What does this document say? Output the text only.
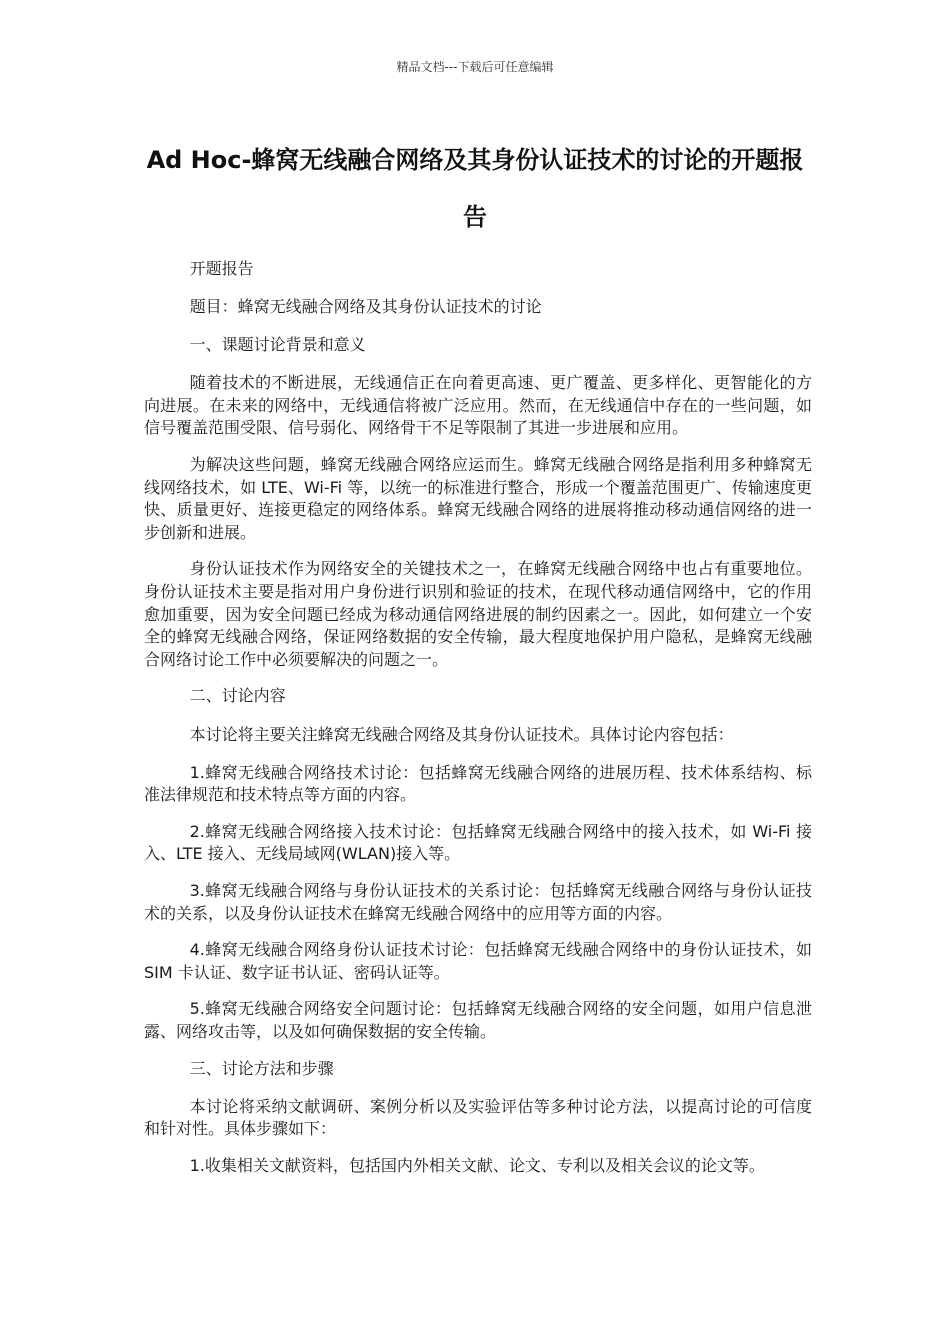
精品文档---下载后可任意编辑
Ad Hoc-蜂窝无线融合网络及其身份认证技术的讨论的开题报告

开题报告

题目：蜂窝无线融合网络及其身份认证技术的讨论

一、课题讨论背景和意义

随着技术的不断进展，无线通信正在向着更高速、更广覆盖、更多样化、更智能化的方向进展。在未来的网络中，无线通信将被广泛应用。然而，在无线通信中存在的一些问题，如信号覆盖范围受限、信号弱化、网络骨干不足等限制了其进一步进展和应用。

为解决这些问题，蜂窝无线融合网络应运而生。蜂窝无线融合网络是指利用多种蜂窝无线网络技术，如 LTE、Wi-Fi 等，以统一的标准进行整合，形成一个覆盖范围更广、传输速度更快、质量更好、连接更稳定的网络体系。蜂窝无线融合网络的进展将推动移动通信网络的进一步创新和进展。

身份认证技术作为网络安全的关键技术之一，在蜂窝无线融合网络中也占有重要地位。身份认证技术主要是指对用户身份进行识别和验证的技术，在现代移动通信网络中，它的作用愈加重要，因为安全问题已经成为移动通信网络进展的制约因素之一。因此，如何建立一个安全的蜂窝无线融合网络，保证网络数据的安全传输，最大程度地保护用户隐私，是蜂窝无线融合网络讨论工作中必须要解决的问题之一。

二、讨论内容

本讨论将主要关注蜂窝无线融合网络及其身份认证技术。具体讨论内容包括：

1.蜂窝无线融合网络技术讨论：包括蜂窝无线融合网络的进展历程、技术体系结构、标准法律规范和技术特点等方面的内容。

2.蜂窝无线融合网络接入技术讨论：包括蜂窝无线融合网络中的接入技术，如 Wi-Fi 接入、LTE 接入、无线局域网(WLAN)接入等。

3.蜂窝无线融合网络与身份认证技术的关系讨论：包括蜂窝无线融合网络与身份认证技术的关系，以及身份认证技术在蜂窝无线融合网络中的应用等方面的内容。

4.蜂窝无线融合网络身份认证技术讨论：包括蜂窝无线融合网络中的身份认证技术，如 SIM 卡认证、数字证书认证、密码认证等。

5.蜂窝无线融合网络安全问题讨论：包括蜂窝无线融合网络的安全问题，如用户信息泄露、网络攻击等，以及如何确保数据的安全传输。

三、讨论方法和步骤

本讨论将采纳文献调研、案例分析以及实验评估等多种讨论方法，以提高讨论的可信度和针对性。具体步骤如下：

1.收集相关文献资料，包括国内外相关文献、论文、专利以及相关会议的论文等。
